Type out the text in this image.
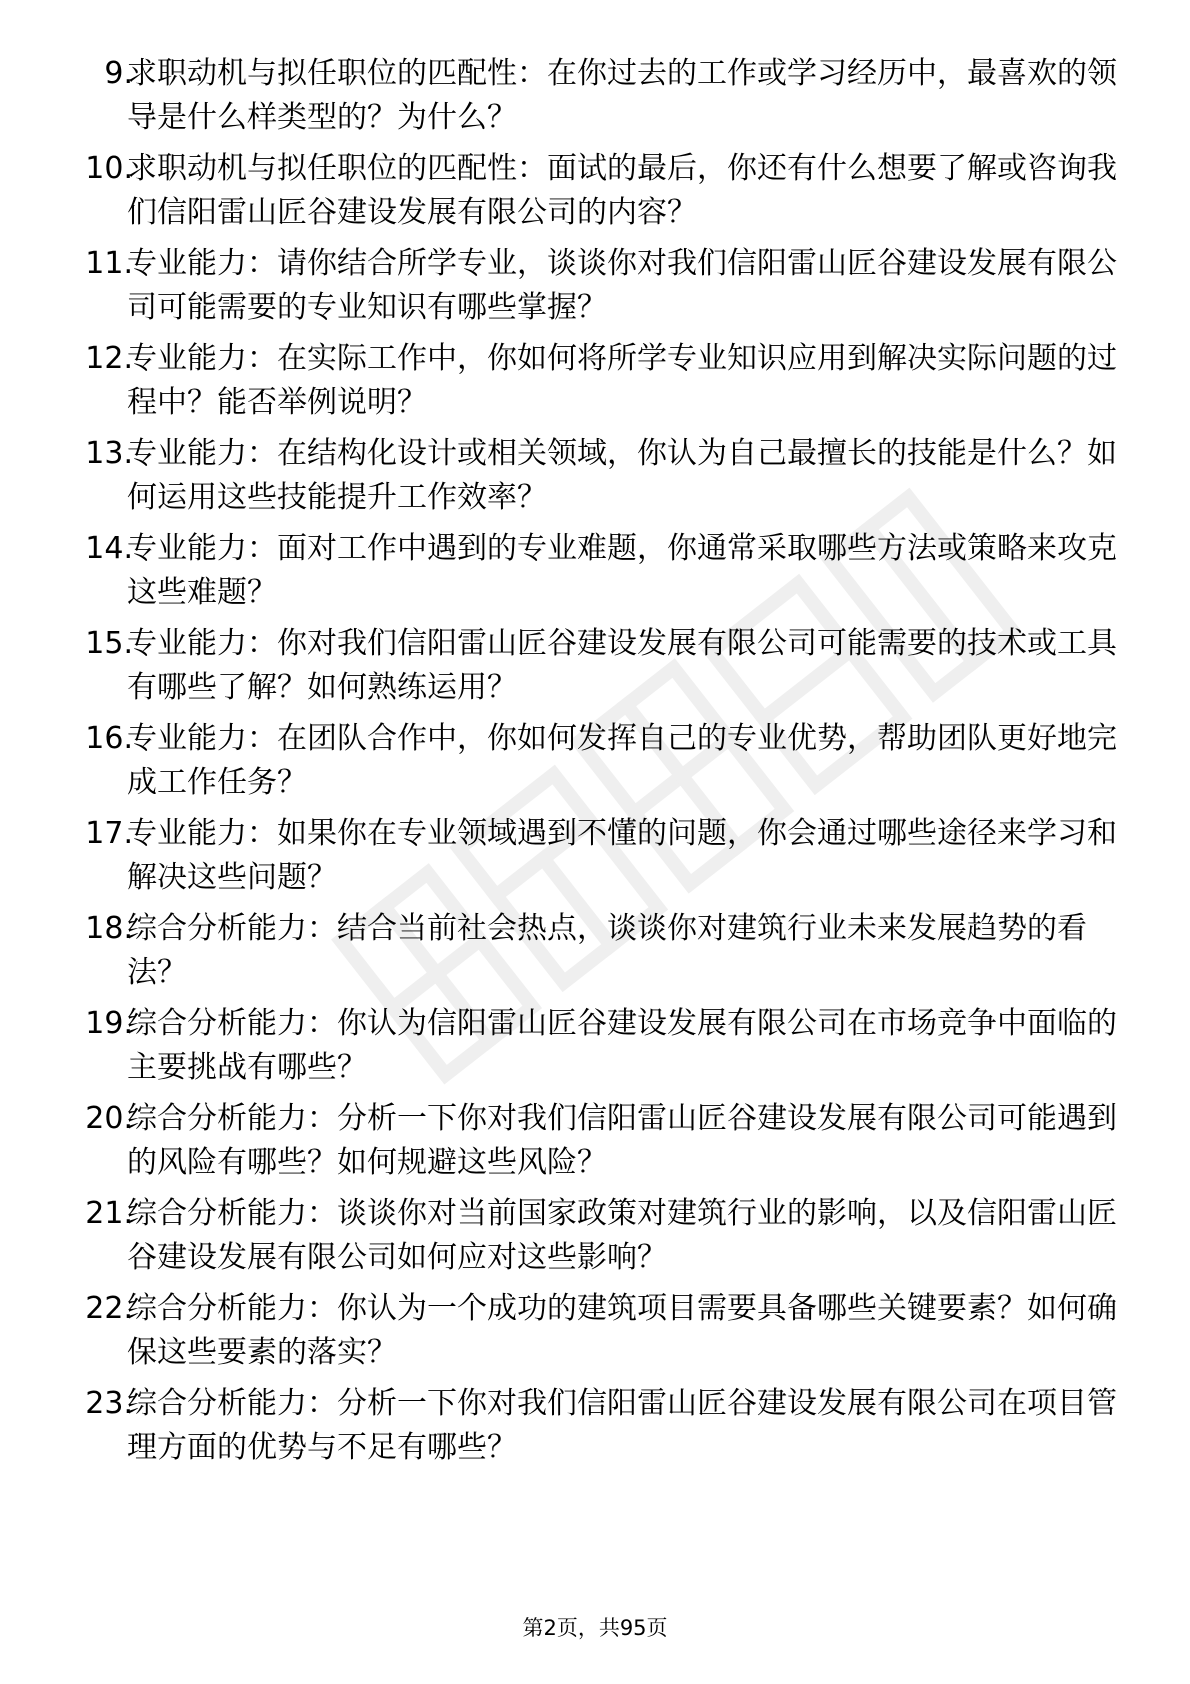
9.
求职动机与拟任职位的匹配性：在你过去的工作或学习经历中，最喜欢的领导是什么样类型的？为什么？
10.
求职动机与拟任职位的匹配性：面试的最后，你还有什么想要了解或咨询我们信阳雷山匠谷建设发展有限公司的内容？
11.
专业能力：请你结合所学专业，谈谈你对我们信阳雷山匠谷建设发展有限公司可能需要的专业知识有哪些掌握？
12.
专业能力：在实际工作中，你如何将所学专业知识应用到解决实际问题的过程中？能否举例说明？
13.
专业能力：在结构化设计或相关领域，你认为自己最擅长的技能是什么？如何运用这些技能提升工作效率？
14.
专业能力：面对工作中遇到的专业难题，你通常采取哪些方法或策略来攻克这些难题？
15.
专业能力：你对我们信阳雷山匠谷建设发展有限公司可能需要的技术或工具有哪些了解？如何熟练运用？
16.
专业能力：在团队合作中，你如何发挥自己的专业优势，帮助团队更好地完成工作任务？
17.
专业能力：如果你在专业领域遇到不懂的问题，你会通过哪些途径来学习和解决这些问题？
18.
综合分析能力：结合当前社会热点，谈谈你对建筑行业未来发展趋势的看法？
19.
综合分析能力：你认为信阳雷山匠谷建设发展有限公司在市场竞争中面临的主要挑战有哪些？
20.
综合分析能力：分析一下你对我们信阳雷山匠谷建设发展有限公司可能遇到的风险有哪些？如何规避这些风险？
21.
综合分析能力：谈谈你对当前国家政策对建筑行业的影响，以及信阳雷山匠谷建设发展有限公司如何应对这些影响？
22.
综合分析能力：你认为一个成功的建筑项目需要具备哪些关键要素？如何确保这些要素的落实？
23.
综合分析能力：分析一下你对我们信阳雷山匠谷建设发展有限公司在项目管理方面的优势与不足有哪些？
第2页，共95页
